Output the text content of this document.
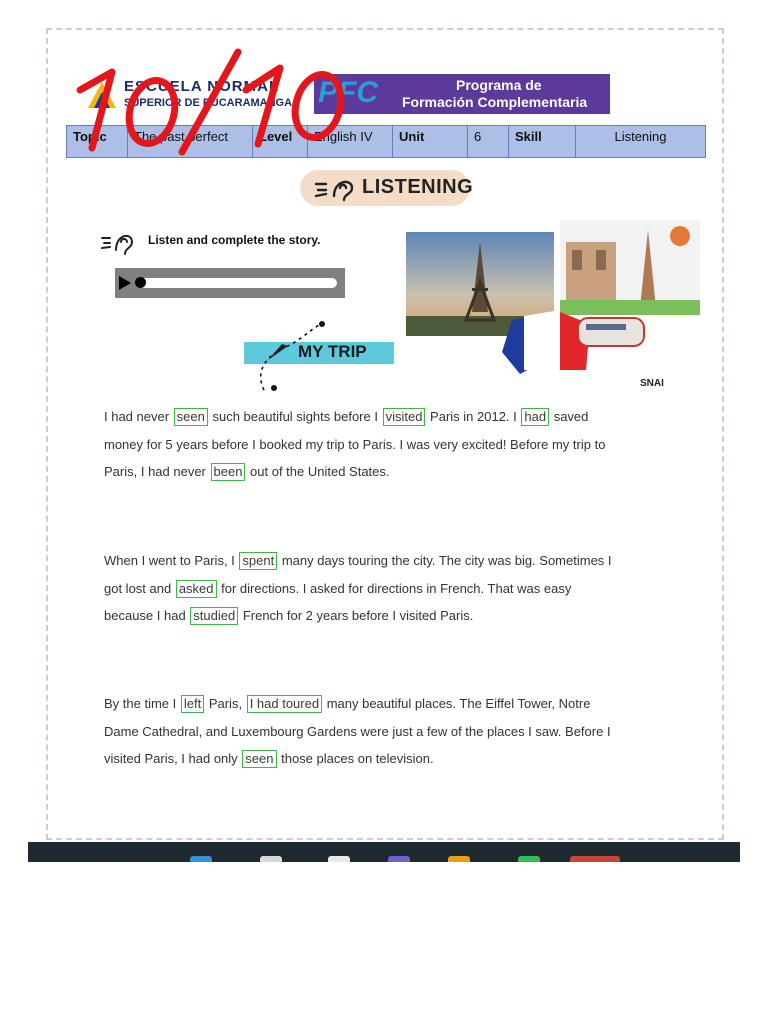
ESCUELA NORMAL
SUPERIOR DE BUCARAMANGA PFC	Programa de
Formación Complementaria
Topic	The past perfect	Level	English IV	Unit	6	Skill	Listening
LISTENING
Listen and complete the story.
SNAI
MY TRIP
I had never seen such beautiful sights before I visited Paris in 2012. I had saved money for 5 years before I booked my trip to Paris. I was very excited! Before my trip to Paris, I had never been out of the United States.
When I went to Paris, I spent many days touring the city. The city was big. Sometimes I got lost and asked for directions. I asked for directions in French. That was easy because I had studied French for 2 years before I visited Paris.
By the time I left Paris, I had toured many beautiful places. The Eiffel Tower, Notre Dame Cathedral, and Luxembourg Gardens were just a few of the places I saw. Before I visited Paris, I had only seen those places on television.
